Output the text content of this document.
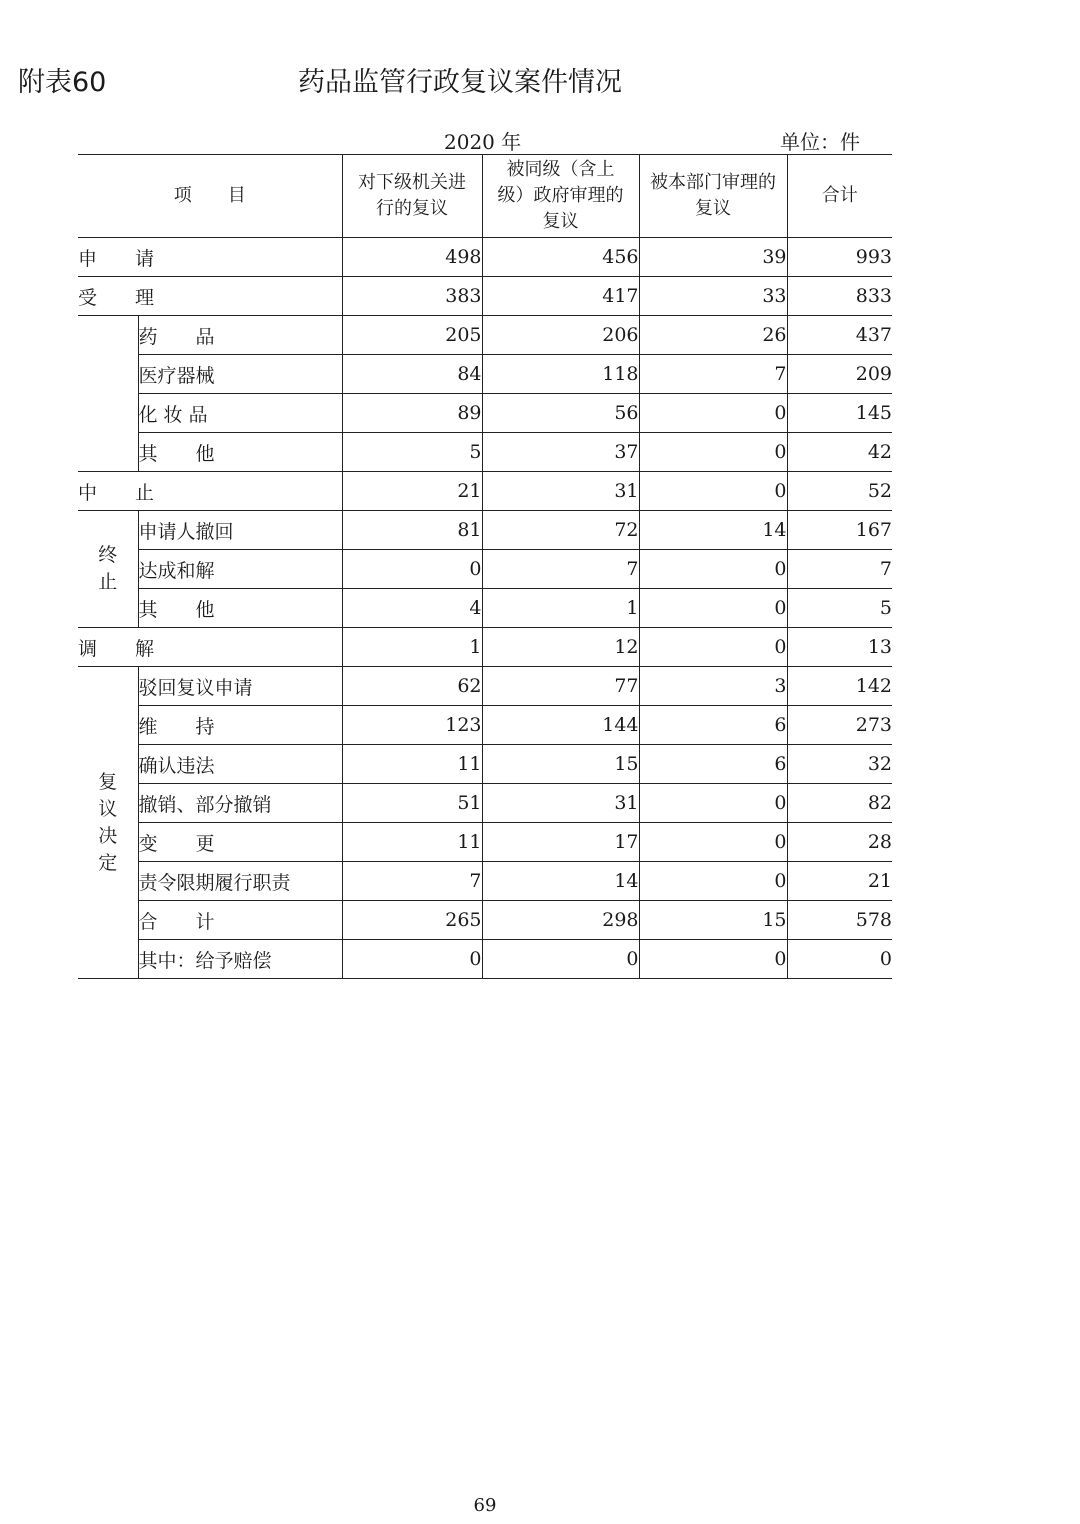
附表60	药品监管行政复议案件情况
2020 年	单位：件
项　　目		对下级机关进行的复议	被同级（含上级）政府审理的复议	被本部门审理的复议	合计
申　　请		498	456	39	993
受　　理		383	417	33	833
	药　　品	205	206	26	437
	医疗器械	84	118	7	209
	化 妆 品	89	56	0	145
	其　　他	5	37	0	42
中　　止		21	31	0	52
终止	申请人撤回	81	72	14	167
	达成和解	0	7	0	7
	其　　他	4	1	0	5
调　　解		1	12	0	13
复议决定	驳回复议申请	62	77	3	142
	维　　持	123	144	6	273
	确认违法	11	15	6	32
	撤销、部分撤销	51	31	0	82
	变　　更	11	17	0	28
	责令限期履行职责	7	14	0	21
	合　　计	265	298	15	578
	其中：给予赔偿	0	0	0	0
69
